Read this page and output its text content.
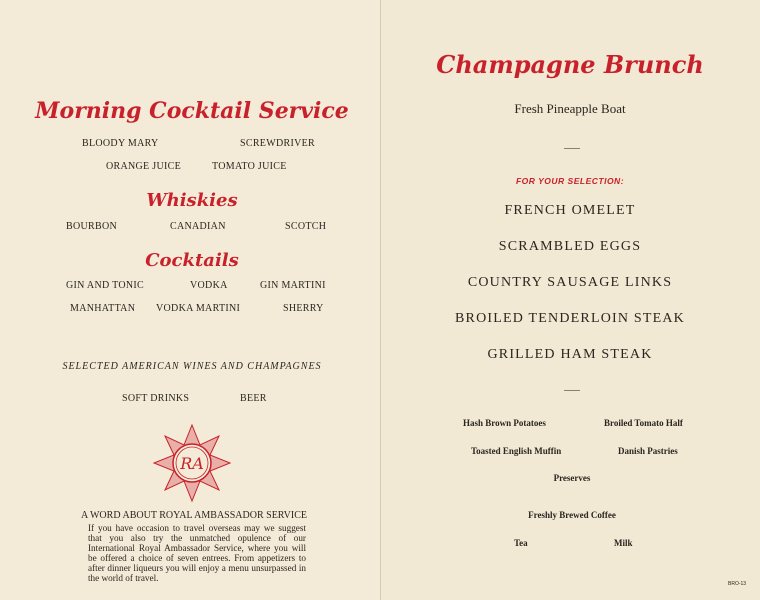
Morning Cocktail Service
BLOODY MARY	SCREWDRIVER
ORANGE JUICE	TOMATO JUICE
Whiskies
BOURBON	CANADIAN	SCOTCH
Cocktails
GIN AND TONIC	VODKA	GIN MARTINI
MANHATTAN VODKA MARTINI	SHERRY
SELECTED AMERICAN WINES AND CHAMPAGNES
SOFT DRINKS	BEER
RA
A WORD ABOUT ROYAL AMBASSADOR SERVICE
If you have occasion to travel overseas may we suggest that you also try the unmatched opulence of our International Royal Ambassador Service, where you will be offered a choice of seven entrees. From appetizers to after dinner liqueurs you will enjoy a menu unsurpassed in the world of travel.
Champagne Brunch
Fresh Pineapple Boat
FOR YOUR SELECTION:
FRENCH OMELET
SCRAMBLED EGGS
COUNTRY SAUSAGE LINKS
BROILED TENDERLOIN STEAK
GRILLED HAM STEAK
Hash Brown Potatoes	Broiled Tomato Half
Toasted English Muffin	Danish Pastries
Preserves
Freshly Brewed Coffee
Tea	Milk
BRO-13
